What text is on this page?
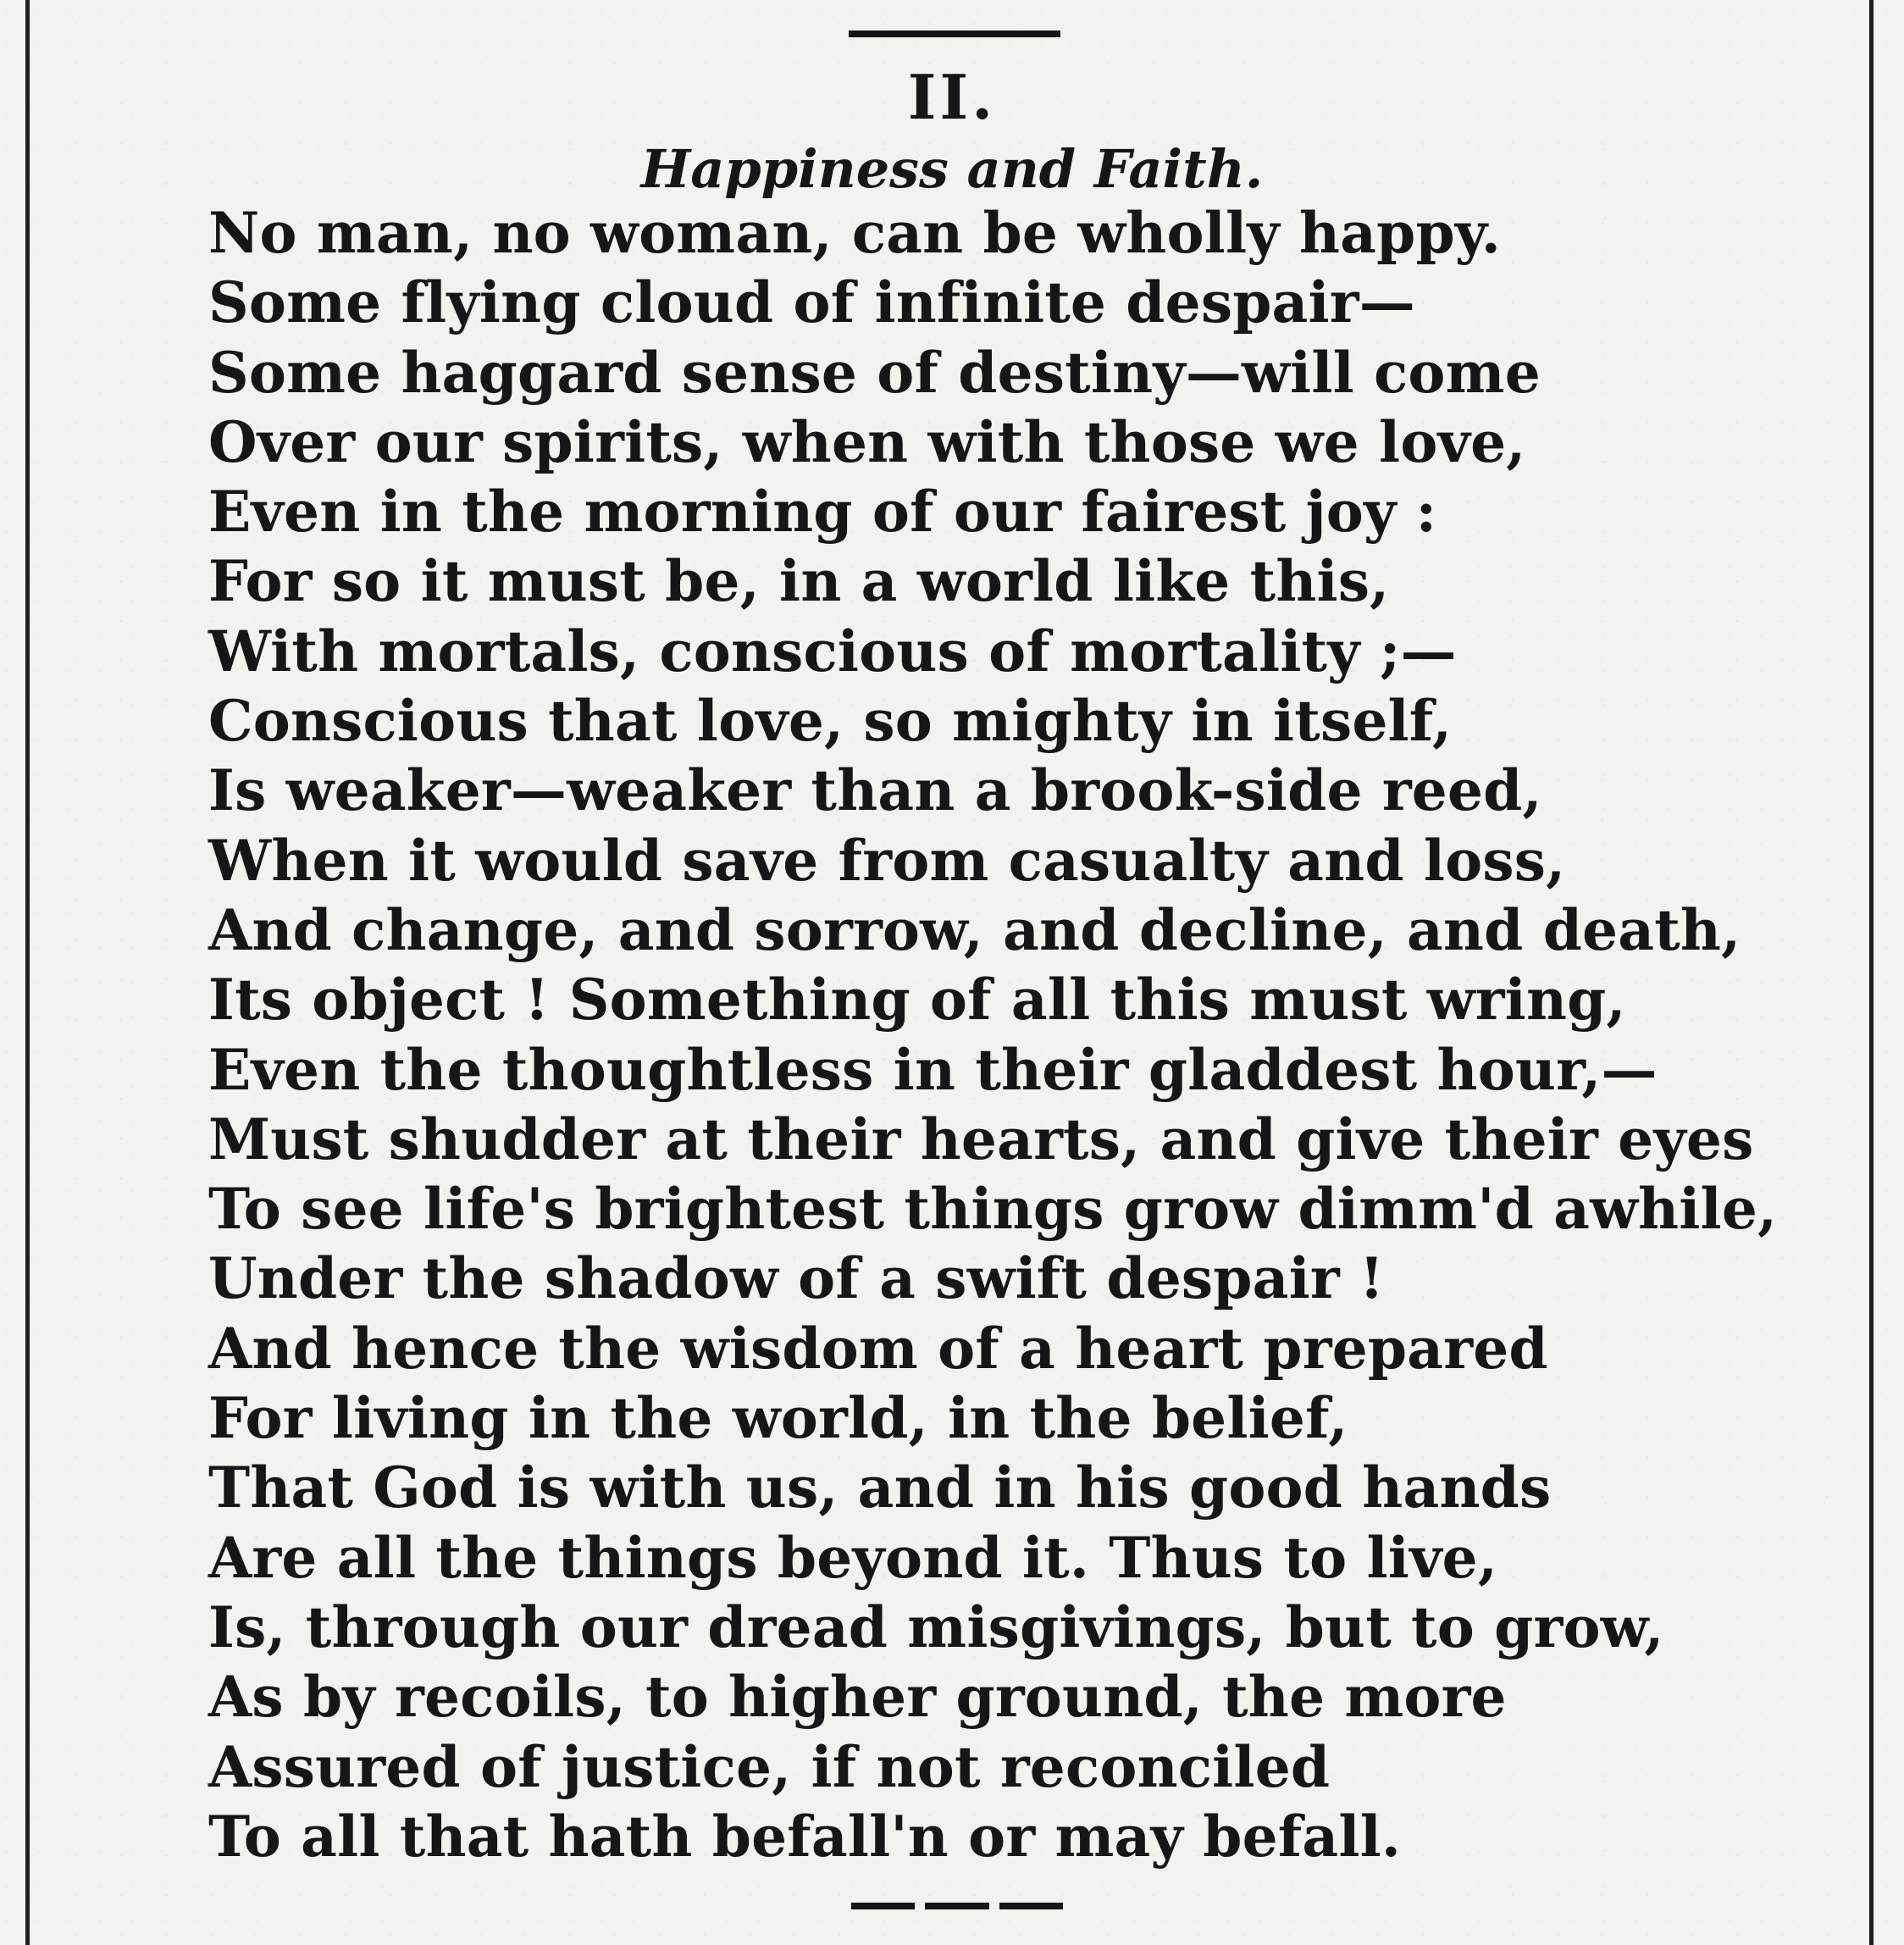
II.
Happiness and Faith.
No man, no woman, can be wholly happy.
Some flying cloud of infinite despair—
Some haggard sense of destiny—will come
Over our spirits, when with those we love,
Even in the morning of our fairest joy :
For so it must be, in a world like this,
With mortals, conscious of mortality ;—
Conscious that love, so mighty in itself,
Is weaker—weaker than a brook-side reed,
When it would save from casualty and loss,
And change, and sorrow, and decline, and death,
Its object ! Something of all this must wring,
Even the thoughtless in their gladdest hour,—
Must shudder at their hearts, and give their eyes
To see life's brightest things grow dimm'd awhile,
Under the shadow of a swift despair !
And hence the wisdom of a heart prepared
For living in the world, in the belief,
That God is with us, and in his good hands
Are all the things beyond it. Thus to live,
Is, through our dread misgivings, but to grow,
As by recoils, to higher ground, the more
Assured of justice, if not reconciled
To all that hath befall'n or may befall.
